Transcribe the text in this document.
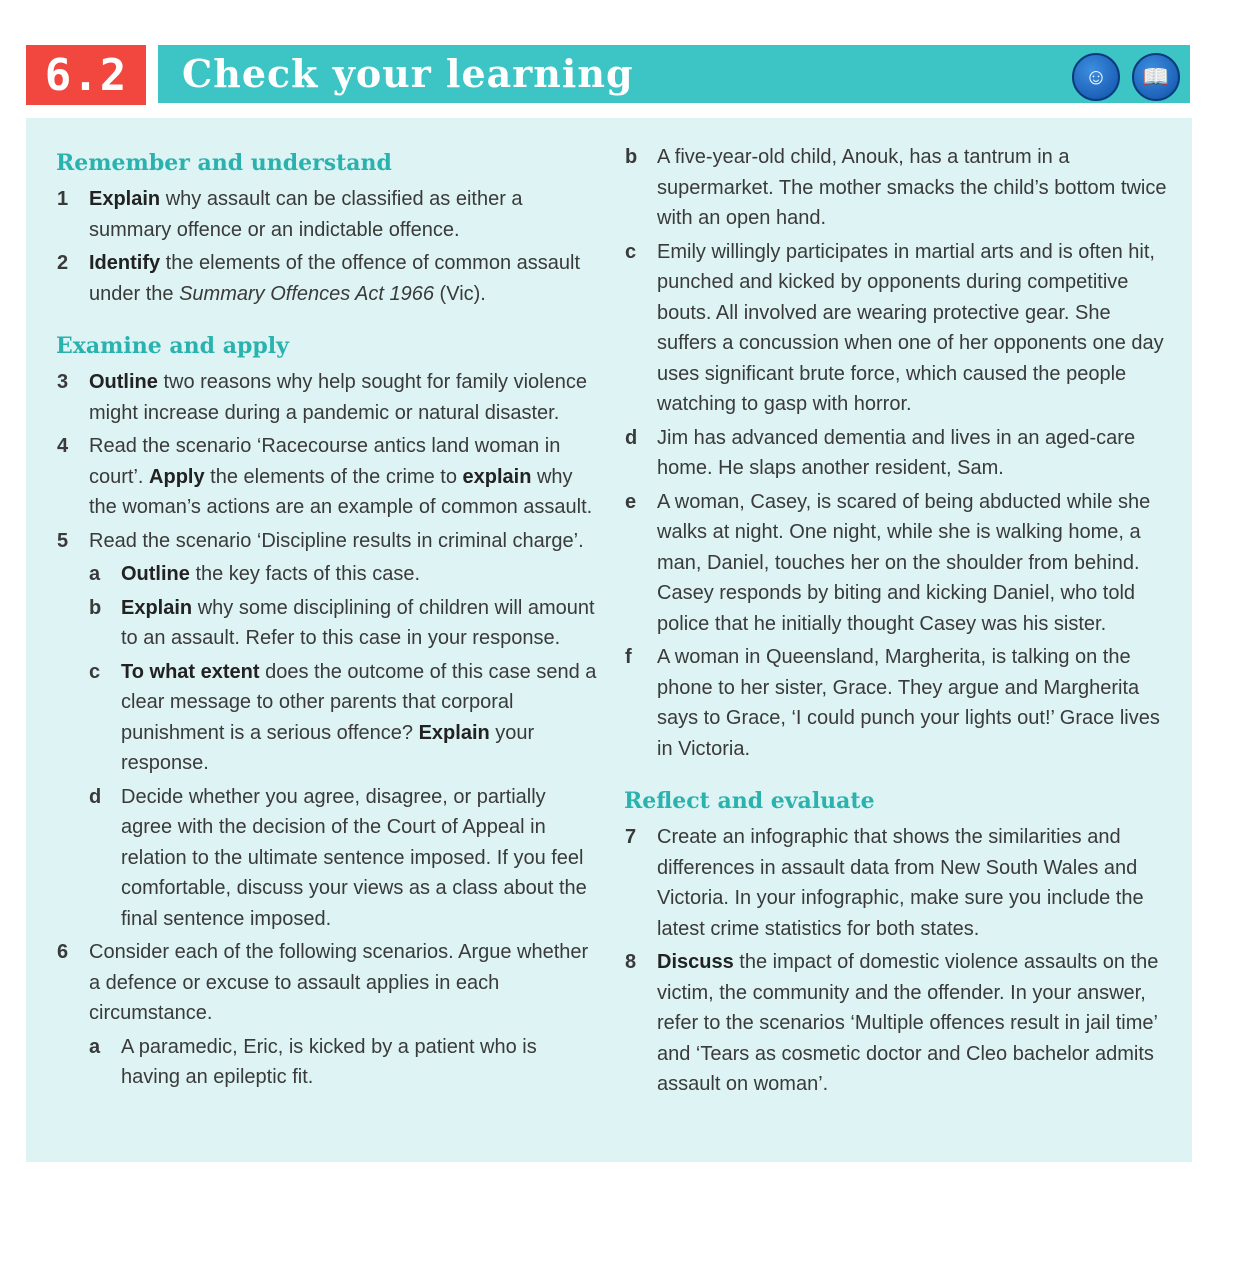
6.2	Check your learning	☺	📖
Remember and understand
1 Explain why assault can be classified as either a summary offence or an indictable offence.
2 Identify the elements of the offence of common assault under the Summary Offences Act 1966 (Vic).
Examine and apply
3 Outline two reasons why help sought for family violence might increase during a pandemic or natural disaster.
4 Read the scenario ‘Racecourse antics land woman in court’. Apply the elements of the crime to explain why the woman’s actions are an example of common assault.
5 Read the scenario ‘Discipline results in criminal charge’.
a Outline the key facts of this case.
b Explain why some disciplining of children will amount to an assault. Refer to this case in your response.
c To what extent does the outcome of this case send a clear message to other parents that corporal punishment is a serious offence? Explain your response.
d Decide whether you agree, disagree, or partially agree with the decision of the Court of Appeal in relation to the ultimate sentence imposed. If you feel comfortable, discuss your views as a class about the final sentence imposed.
6 Consider each of the following scenarios. Argue whether a defence or excuse to assault applies in each circumstance.
a A paramedic, Eric, is kicked by a patient who is having an epileptic fit.
b A five-year-old child, Anouk, has a tantrum in a supermarket. The mother smacks the child’s bottom twice with an open hand.
c Emily willingly participates in martial arts and is often hit, punched and kicked by opponents during competitive bouts. All involved are wearing protective gear. She suffers a concussion when one of her opponents one day uses significant brute force, which caused the people watching to gasp with horror.
d Jim has advanced dementia and lives in an aged-care home. He slaps another resident, Sam.
e A woman, Casey, is scared of being abducted while she walks at night. One night, while she is walking home, a man, Daniel, touches her on the shoulder from behind. Casey responds by biting and kicking Daniel, who told police that he initially thought Casey was his sister.
f A woman in Queensland, Margherita, is talking on the phone to her sister, Grace. They argue and Margherita says to Grace, ‘I could punch your lights out!’ Grace lives in Victoria.
Reflect and evaluate
7 Create an infographic that shows the similarities and differences in assault data from New South Wales and Victoria. In your infographic, make sure you include the latest crime statistics for both states.
8 Discuss the impact of domestic violence assaults on the victim, the community and the offender. In your answer, refer to the scenarios ‘Multiple offences result in jail time’ and ‘Tears as cosmetic doctor and Cleo bachelor admits assault on woman’.
